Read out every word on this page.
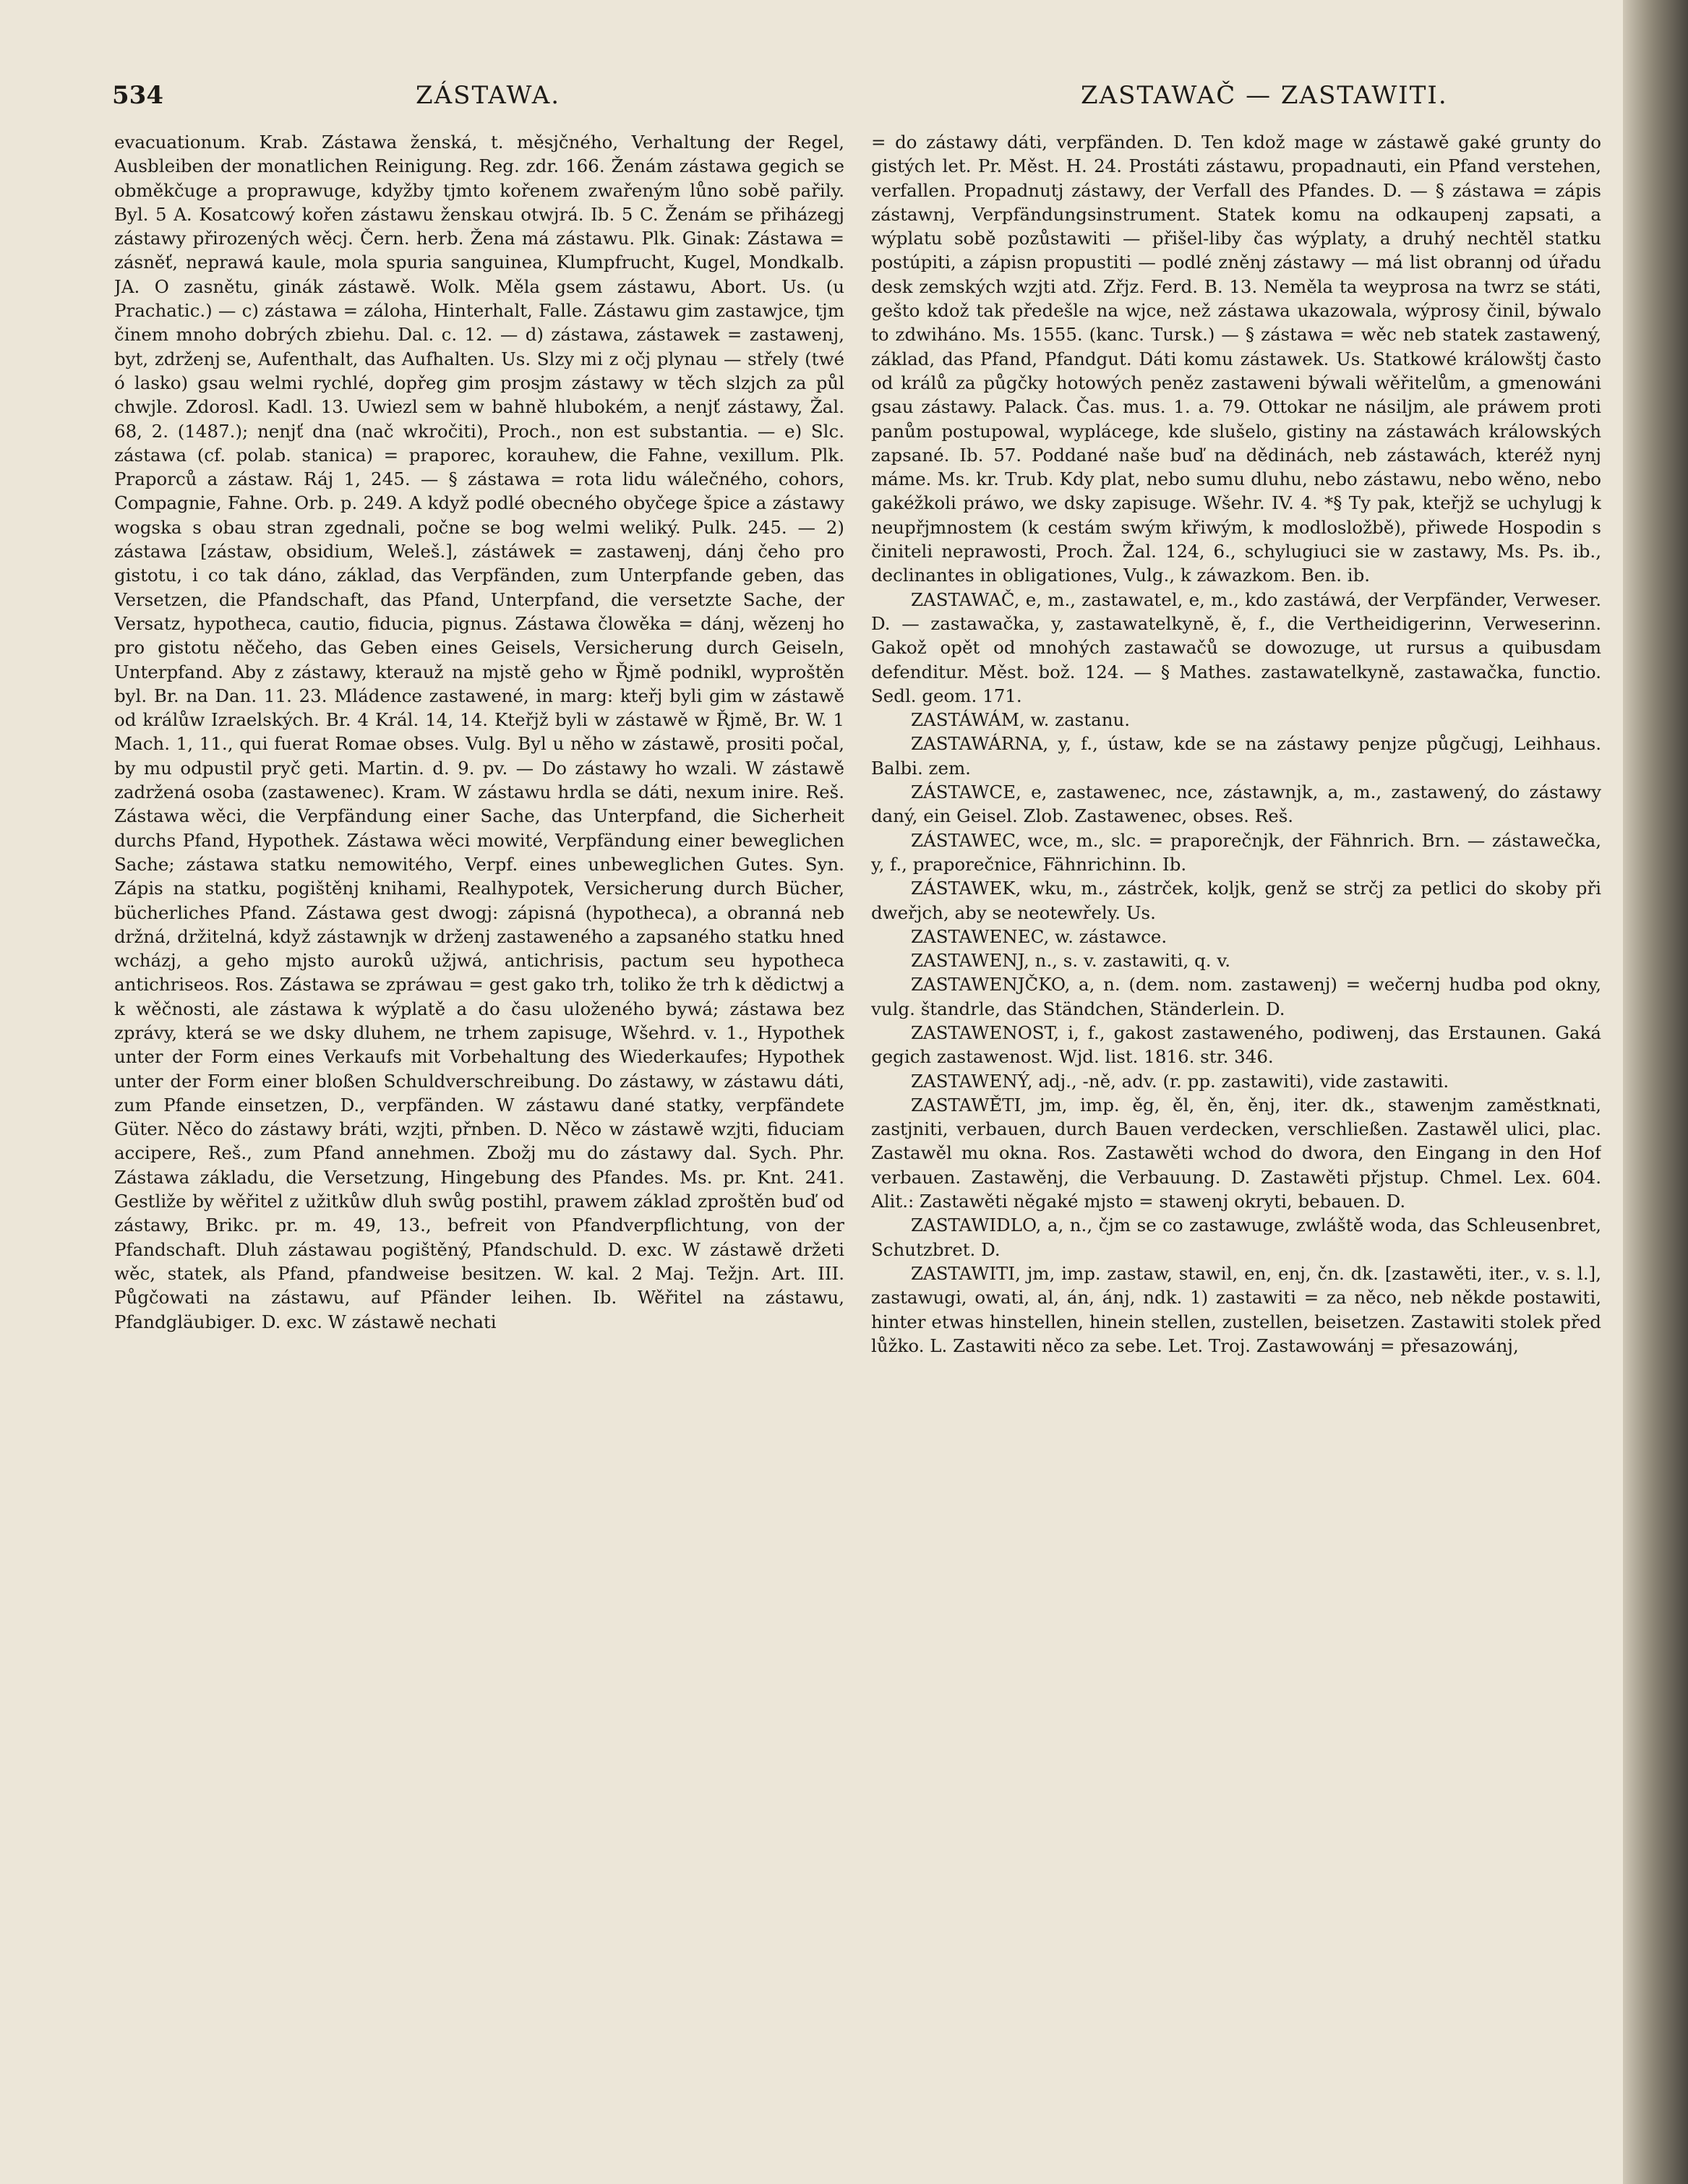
534	ZÁSTAWA.	ZASTAWAČ — ZASTAWITI.

evacuationum. Krab. Zástawa ženská, t. měsjčného, Verhaltung der Regel, Ausbleiben der monatlichen Reinigung. Reg. zdr. 166. Ženám zástawa gegich se obměkčuge a proprawuge, kdyžby tjmto kořenem zwařeným lůno sobě pařily. Byl. 5 A. Kosatcowý kořen zástawu ženskau otwjrá. Ib. 5 C. Ženám se přiházegj zástawy přirozených wěcj. Čern. herb. Žena má zástawu. Plk. Ginak: Zástawa = zásněť, neprawá kaule, mola spuria sanguinea, Klumpfrucht, Kugel, Mondkalb. JA. O zasnětu, ginák zástawě. Wolk. Měla gsem zástawu, Abort. Us. (u Prachatic.) — c) zástawa = záloha, Hinterhalt, Falle. Zástawu gim zastawjce, tjm činem mnoho dobrých zbiehu. Dal. c. 12. — d) zástawa, zástawek = zastawenj, byt, zdrženj se, Aufenthalt, das Aufhalten. Us. Slzy mi z očj plynau — střely (twé ó lasko) gsau welmi rychlé, dopřeg gim prosjm zástawy w těch slzjch za půl chwjle. Zdorosl. Kadl. 13. Uwiezl sem w bahně hlubokém, a nenjť zástawy, Žal. 68, 2. (1487.); nenjť dna (nač wkročiti), Proch., non est substantia. — e) Slc. zástawa (cf. polab. stanica) = praporec, korauhew, die Fahne, vexillum. Plk. Praporců a zástaw. Ráj 1, 245. — § zástawa = rota lidu wálečného, cohors, Compagnie, Fahne. Orb. p. 249. A když podlé obecného obyčege špice a zástawy wogska s obau stran zgednali, počne se bog welmi weliký. Pulk. 245. — 2) zástawa [zástaw, obsidium, Weleš.], zástáwek = zastawenj, dánj čeho pro gistotu, i co tak dáno, základ, das Verpfänden, zum Unterpfande geben, das Versetzen, die Pfandschaft, das Pfand, Unterpfand, die versetzte Sache, der Versatz, hypotheca, cautio, fiducia, pignus. Zástawa člowěka = dánj, wězenj ho pro gistotu něčeho, das Geben eines Geisels, Versicherung durch Geiseln, Unterpfand. Aby z zástawy, kterauž na mjstě geho w Řjmě podnikl, wyproštěn byl. Br. na Dan. 11. 23. Mládence zastawené, in marg: kteřj byli gim w zástawě od králůw Izraelských. Br. 4 Král. 14, 14. Kteřjž byli w zástawě w Řjmě, Br. W. 1 Mach. 1, 11., qui fuerat Romae obses. Vulg. Byl u něho w zástawě, prositi počal, by mu odpustil pryč geti. Martin. d. 9. pv. — Do zástawy ho wzali. W zástawě zadržená osoba (zastawenec). Kram. W zástawu hrdla se dáti, nexum inire. Reš. Zástawa wěci, die Verpfändung einer Sache, das Unterpfand, die Sicherheit durchs Pfand, Hypothek. Zástawa wěci mowité, Verpfändung einer beweglichen Sache; zástawa statku nemowitého, Verpf. eines unbeweglichen Gutes. Syn. Zápis na statku, pogištěnj knihami, Realhypotek, Versicherung durch Bücher, bücherliches Pfand. Zástawa gest dwogj: zápisná (hypotheca), a obranná neb držná, držitelná, když zástawnjk w drženj zastaweného a zapsaného statku hned wcházj, a geho mjsto auroků užjwá, antichrisis, pactum seu hypotheca antichriseos. Ros. Zástawa se zpráwau = gest gako trh, toliko že trh k dědictwj a k wěčnosti, ale zástawa k wýplatě a do času uloženého bywá; zástawa bez zprávy, která se we dsky dluhem, ne trhem zapisuge, Wšehrd. v. 1., Hypothek unter der Form eines Verkaufs mit Vorbehaltung des Wiederkaufes; Hypothek unter der Form einer bloßen Schuldverschreibung. Do zástawy, w zástawu dáti, zum Pfande einsetzen, D., verpfänden. W zástawu dané statky, verpfändete Güter. Něco do zástawy bráti, wzjti, přnben. D. Něco w zástawě wzjti, fiduciam accipere, Reš., zum Pfand annehmen. Zbožj mu do zástawy dal. Sych. Phr. Zástawa základu, die Versetzung, Hingebung des Pfandes. Ms. pr. Knt. 241. Gestliže by wěřitel z užitkůw dluh swůg postihl, prawem základ zproštěn buď od zástawy, Brikc. pr. m. 49, 13., befreit von Pfandverpflichtung, von der Pfandschaft. Dluh zástawau pogištěný, Pfandschuld. D. exc. W zástawě držeti wěc, statek, als Pfand, pfandweise besitzen. W. kal. 2 Maj. Težjn. Art. III. Půgčowati na zástawu, auf Pfänder leihen. Ib. Wěřitel na zástawu, Pfandgläubiger. D. exc. W zástawě nechati

= do zástawy dáti, verpfänden. D. Ten kdož mage w zástawě gaké grunty do gistých let. Pr. Měst. H. 24. Prostáti zástawu, propadnauti, ein Pfand verstehen, verfallen. Propadnutj zástawy, der Verfall des Pfandes. D. — § zástawa = zápis zástawnj, Verpfändungsinstrument. Statek komu na odkaupenj zapsati, a wýplatu sobě pozůstawiti — přišel-liby čas wýplaty, a druhý nechtěl statku postúpiti, a zápisn propustiti — podlé zněnj zástawy — má list obrannj od úřadu desk zemských wzjti atd. Zřjz. Ferd. B. 13. Neměla ta weyprosa na twrz se státi, gešto kdož tak předešle na wjce, než zástawa ukazowala, wýprosy činil, býwalo to zdwiháno. Ms. 1555. (kanc. Tursk.) — § zástawa = wěc neb statek zastawený, základ, das Pfand, Pfandgut. Dáti komu zástawek. Us. Statkowé králowštj často od králů za půgčky hotowých peněz zastaweni býwali wěřitelům, a gmenowáni gsau zástawy. Palack. Čas. mus. 1. a. 79. Ottokar ne násiljm, ale práwem proti panům postupowal, wyplácege, kde slušelo, gistiny na zástawách králowských zapsané. Ib. 57. Poddané naše buď na dědinách, neb zástawách, kteréž nynj máme. Ms. kr. Trub. Kdy plat, nebo sumu dluhu, nebo zástawu, nebo wěno, nebo gakéžkoli práwo, we dsky zapisuge. Wšehr. IV. 4. *§ Ty pak, kteřjž se uchylugj k neupřjmnostem (k cestám swým křiwým, k modlosložbě), přiwede Hospodin s činiteli neprawosti, Proch. Žal. 124, 6., schylugiuci sie w zastawy, Ms. Ps. ib., declinantes in obligationes, Vulg., k záwazkom. Ben. ib.

ZASTAWAČ, e, m., zastawatel, e, m., kdo zastáwá, der Verpfänder, Verweser. D. — zastawačka, y, zastawatelkyně, ě, f., die Vertheidigerinn, Verweserinn. Gakož opět od mnohých zastawačů se dowozuge, ut rursus a quibusdam defenditur. Měst. bož. 124. — § Mathes. zastawatelkyně, zastawačka, functio. Sedl. geom. 171.

ZASTÁWÁM, w. zastanu.

ZASTAWÁRNA, y, f., ústaw, kde se na zástawy penjze půgčugj, Leihhaus. Balbi. zem.

ZÁSTAWCE, e, zastawenec, nce, zástawnjk, a, m., zastawený, do zástawy daný, ein Geisel. Zlob. Zastawenec, obses. Reš.

ZÁSTAWEC, wce, m., slc. = praporečnjk, der Fähnrich. Brn. — zástawečka, y, f., praporečnice, Fähnrichinn. Ib.

ZÁSTAWEK, wku, m., zástrček, koljk, genž se strčj za petlici do skoby při dweřjch, aby se neotewřely. Us.

ZASTAWENEC, w. zástawce.

ZASTAWENJ, n., s. v. zastawiti, q. v.

ZASTAWENJČKO, a, n. (dem. nom. zastawenj) = wečernj hudba pod okny, vulg. štandrle, das Ständchen, Ständerlein. D.

ZASTAWENOST, i, f., gakost zastaweného, podiwenj, das Erstaunen. Gaká gegich zastawenost. Wjd. list. 1816. str. 346.

ZASTAWENÝ, adj., -ně, adv. (r. pp. zastawiti), vide zastawiti.

ZASTAWĚTI, jm, imp. ěg, ěl, ěn, ěnj, iter. dk., stawenjm zaměstknati, zastjniti, verbauen, durch Bauen verdecken, verschließen. Zastawěl ulici, plac. Zastawěl mu okna. Ros. Zastawěti wchod do dwora, den Eingang in den Hof verbauen. Zastawěnj, die Verbauung. D. Zastawěti přjstup. Chmel. Lex. 604. Alit.: Zastawěti něgaké mjsto = stawenj okryti, bebauen. D.

ZASTAWIDLO, a, n., čjm se co zastawuge, zwláště woda, das Schleusenbret, Schutzbret. D.

ZASTAWITI, jm, imp. zastaw, stawil, en, enj, čn. dk. [zastawěti, iter., v. s. l.], zastawugi, owati, al, án, ánj, ndk. 1) zastawiti = za něco, neb někde postawiti, hinter etwas hinstellen, hinein stellen, zustellen, beisetzen. Zastawiti stolek před lůžko. L. Zastawiti něco za sebe. Let. Troj. Zastawowánj = přesazowánj,
